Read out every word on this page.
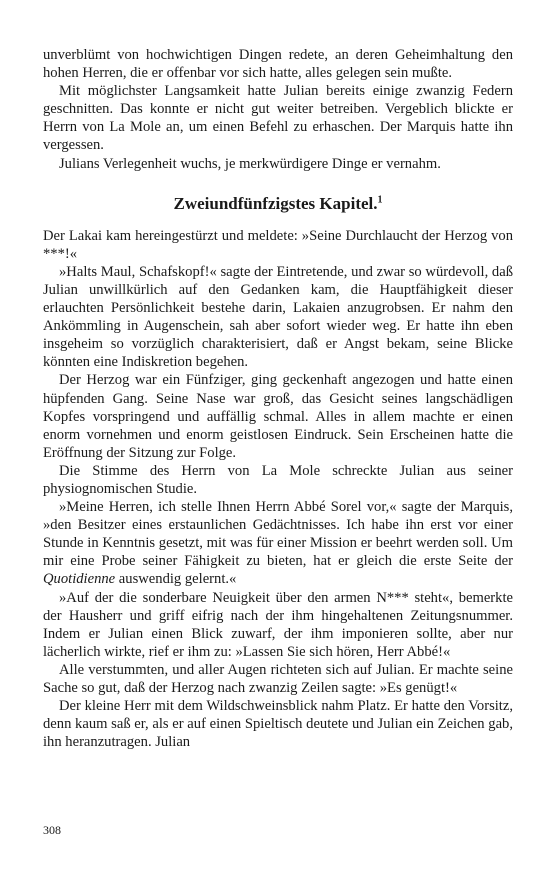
unverblümt von hochwichtigen Dingen redete, an deren Geheimhaltung den hohen Herren, die er offenbar vor sich hatte, alles gelegen sein mußte.

Mit möglichster Langsamkeit hatte Julian bereits einige zwanzig Federn geschnitten. Das konnte er nicht gut weiter betreiben. Vergeblich blickte er Herrn von La Mole an, um einen Befehl zu erhaschen. Der Marquis hatte ihn vergessen.

Julians Verlegenheit wuchs, je merkwürdigere Dinge er vernahm.

Zweiundfünfzigstes Kapitel.$^1$

Der Lakai kam hereingestürzt und meldete: »Seine Durchlaucht der Herzog von ***!«

»Halts Maul, Schafskopf!« sagte der Eintretende, und zwar so würdevoll, daß Julian unwillkürlich auf den Gedanken kam, die Hauptfähigkeit dieser erlauchten Persönlichkeit bestehe darin, Lakaien anzugrobsen. Er nahm den Ankömmling in Augenschein, sah aber sofort wieder weg. Er hatte ihn eben insgeheim so vorzüglich charakterisiert, daß er Angst bekam, seine Blicke könnten eine Indiskretion begehen.

Der Herzog war ein Fünfziger, ging geckenhaft angezogen und hatte einen hüpfenden Gang. Seine Nase war groß, das Gesicht seines langschädligen Kopfes vorspringend und auffällig schmal. Alles in allem machte er einen enorm vornehmen und enorm geistlosen Eindruck. Sein Erscheinen hatte die Eröffnung der Sitzung zur Folge.

Die Stimme des Herrn von La Mole schreckte Julian aus seiner physiognomischen Studie.

»Meine Herren, ich stelle Ihnen Herrn Abbé Sorel vor,« sagte der Marquis, »den Besitzer eines erstaunlichen Gedächtnisses. Ich habe ihn erst vor einer Stunde in Kenntnis gesetzt, mit was für einer Mission er beehrt werden soll. Um mir eine Probe seiner Fähigkeit zu bieten, hat er gleich die erste Seite der Quotidienne auswendig gelernt.«

»Auf der die sonderbare Neuigkeit über den armen N*** steht«, bemerkte der Hausherr und griff eifrig nach der ihm hingehaltenen Zeitungsnummer. Indem er Julian einen Blick zuwarf, der ihm imponieren sollte, aber nur lächerlich wirkte, rief er ihm zu: »Lassen Sie sich hören, Herr Abbé!«

Alle verstummten, und aller Augen richteten sich auf Julian. Er machte seine Sache so gut, daß der Herzog nach zwanzig Zeilen sagte: »Es genügt!«

Der kleine Herr mit dem Wildschweinsblick nahm Platz. Er hatte den Vorsitz, denn kaum saß er, als er auf einen Spieltisch deutete und Julian ein Zeichen gab, ihn heranzutragen. Julian

308
